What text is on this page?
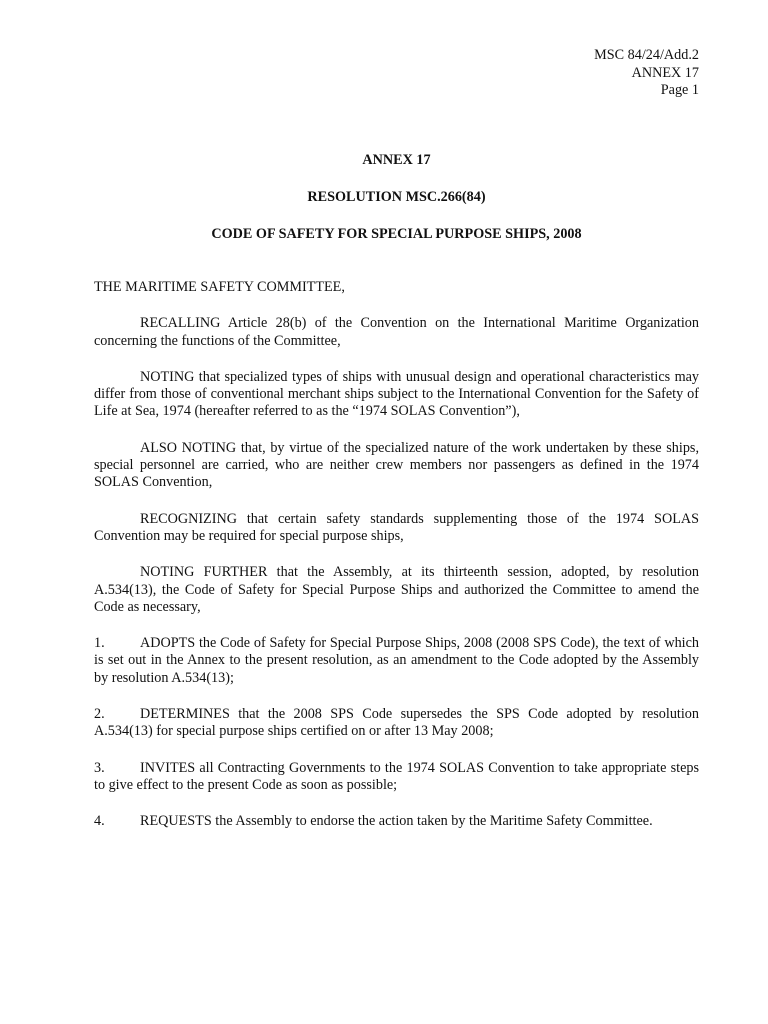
MSC 84/24/Add.2
ANNEX 17
Page 1
ANNEX 17
RESOLUTION MSC.266(84)
CODE OF SAFETY FOR SPECIAL PURPOSE SHIPS, 2008

THE MARITIME SAFETY COMMITTEE,

RECALLING Article 28(b) of the Convention on the International Maritime Organization concerning the functions of the Committee,

NOTING that specialized types of ships with unusual design and operational characteristics may differ from those of conventional merchant ships subject to the International Convention for the Safety of Life at Sea, 1974 (hereafter referred to as the “1974 SOLAS Convention”),

ALSO NOTING that, by virtue of the specialized nature of the work undertaken by these ships, special personnel are carried, who are neither crew members nor passengers as defined in the 1974 SOLAS Convention,

RECOGNIZING that certain safety standards supplementing those of the 1974 SOLAS Convention may be required for special purpose ships,

NOTING FURTHER that the Assembly, at its thirteenth session, adopted, by resolution A.534(13), the Code of Safety for Special Purpose Ships and authorized the Committee to amend the Code as necessary,

1. ADOPTS the Code of Safety for Special Purpose Ships, 2008 (2008 SPS Code), the text of which is set out in the Annex to the present resolution, as an amendment to the Code adopted by the Assembly by resolution A.534(13);

2. DETERMINES that the 2008 SPS Code supersedes the SPS Code adopted by resolution A.534(13) for special purpose ships certified on or after 13 May 2008;

3. INVITES all Contracting Governments to the 1974 SOLAS Convention to take appropriate steps to give effect to the present Code as soon as possible;

4. REQUESTS the Assembly to endorse the action taken by the Maritime Safety Committee.
